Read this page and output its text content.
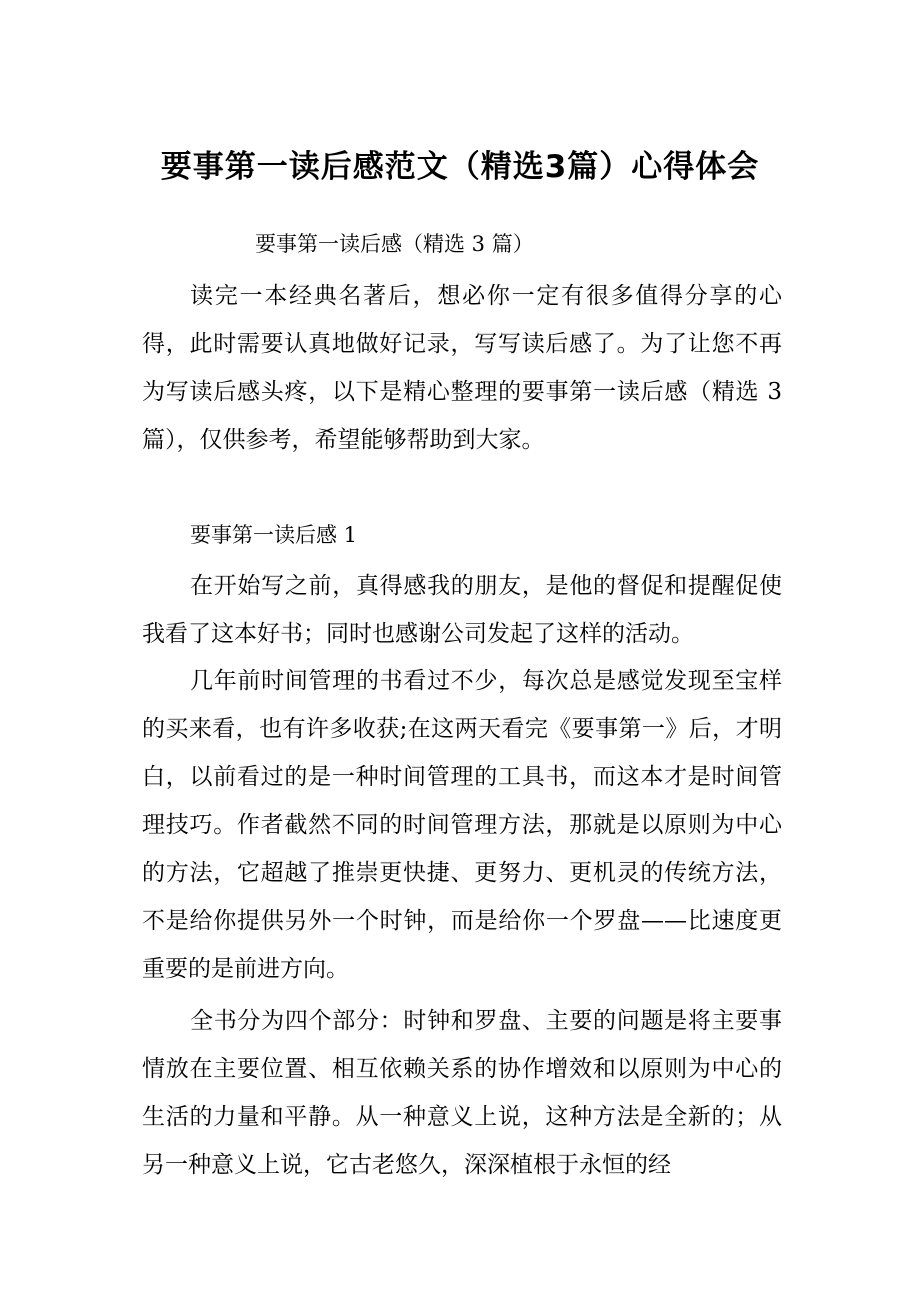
要事第一读后感范文（精选3篇）心得体会

要事第一读后感（精选 3 篇）

读完一本经典名著后，想必你一定有很多值得分享的心得，此时需要认真地做好记录，写写读后感了。为了让您不再为写读后感头疼，以下是精心整理的要事第一读后感（精选 3 篇），仅供参考，希望能够帮助到大家。

要事第一读后感 1

在开始写之前，真得感我的朋友，是他的督促和提醒促使我看了这本好书；同时也感谢公司发起了这样的活动。

几年前时间管理的书看过不少，每次总是感觉发现至宝样的买来看，也有许多收获;在这两天看完《要事第一》后，才明白，以前看过的是一种时间管理的工具书，而这本才是时间管理技巧。作者截然不同的时间管理方法，那就是以原则为中心的方法，它超越了推崇更快捷、更努力、更机灵的传统方法，不是给你提供另外一个时钟，而是给你一个罗盘——比速度更重要的是前进方向。

全书分为四个部分：时钟和罗盘、主要的问题是将主要事情放在主要位置、相互依赖关系的协作增效和以原则为中心的生活的力量和平静。从一种意义上说，这种方法是全新的；从另一种意义上说，它古老悠久，深深植根于永恒的经
